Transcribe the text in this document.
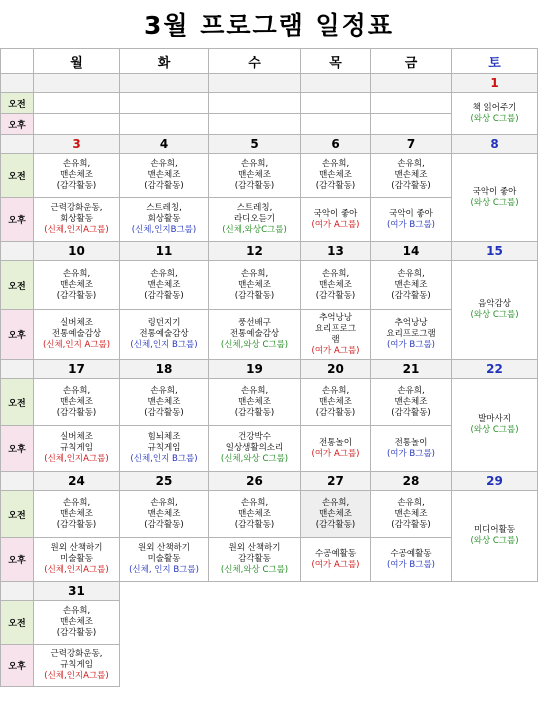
3월 프로그램 일정표
	월	화	수	목	금	토
						1
오전						책 읽어주기
(와상 C그룹)

오후						
	3	4	5	6	7	8
오전	손유희,
맨손체조
(감각활동)	손유희,
맨손체조
(감각활동)	손유희,
맨손체조
(감각활동)	손유희,
맨손체조
(감각활동)	손유희,
맨손체조
(감각활동)	국악이 좋아
(와상 C그룹)

오후	근력강화운동,
회상활동
(신체,인지A그룹)	스트레칭,
회상활동
(신체,인지B그룹)	스트레칭,
라디오듣기
(신체,와상C그룹)	국악이 좋아
(여가 A그룹)	국악이 좋아
(여가 B그룹)	

	10	11	12	13	14	15
오전	손유희,
맨손체조
(감각활동)	손유희,
맨손체조
(감각활동)	손유희,
맨손체조
(감각활동)	손유희,
맨손체조
(감각활동)	손유희,
맨손체조
(감각활동)	음악감상
(와상 C그룹)

오후	실버체조
전통예술감상
(신체,인지 A그룹)	링던지기
전통예술감상
(신체,인지 B그룹)	풍선배구
전통예술감상
(신체,와상 C그룹)	추억낭낭
요리프로그
램
(여가 A그룹)	추억낭낭
요리프로그램
(여가 B그룹)	

	17	18	19	20	21	22
오전	손유희,
맨손체조
(감각활동)	손유희,
맨손체조
(감각활동)	손유희,
맨손체조
(감각활동)	손유희,
맨손체조
(감각활동)	손유희,
맨손체조
(감각활동)	발마사지
(와상 C그룹)

오후	실버체조
규칙게임
(신체,인지A그룹)	힘뇌체조
규칙게임
(신체,인지 B그룹)	건강박수
일상생활의소리
(신체,와상 C그룹)	전통놀이
(여가 A그룹)	전통놀이
(여가 B그룹)	

	24	25	26	27	28	29
오전	손유희,
맨손체조
(감각활동)	손유희,
맨손체조
(감각활동)	손유희,
맨손체조
(감각활동)	손유희,
맨손체조
(감각활동)	손유희,
맨손체조
(감각활동)	미디어활동
(와상 C그룹)

오후	원외 산책하기
미술활동
(신체,인지A그룹)	원외 산책하기
미술활동
(신체, 인지 B그룹)	원외 산책하기
감각활동
(신체,와상 C그룹)	수공예활동
(여가 A그룹)	수공예활동
(여가 B그룹)	

	31					
오전	손유희,
맨손체조
(감각활동)					

오후	근력강화운동,
규칙게임
(신체,인지A그룹)					
